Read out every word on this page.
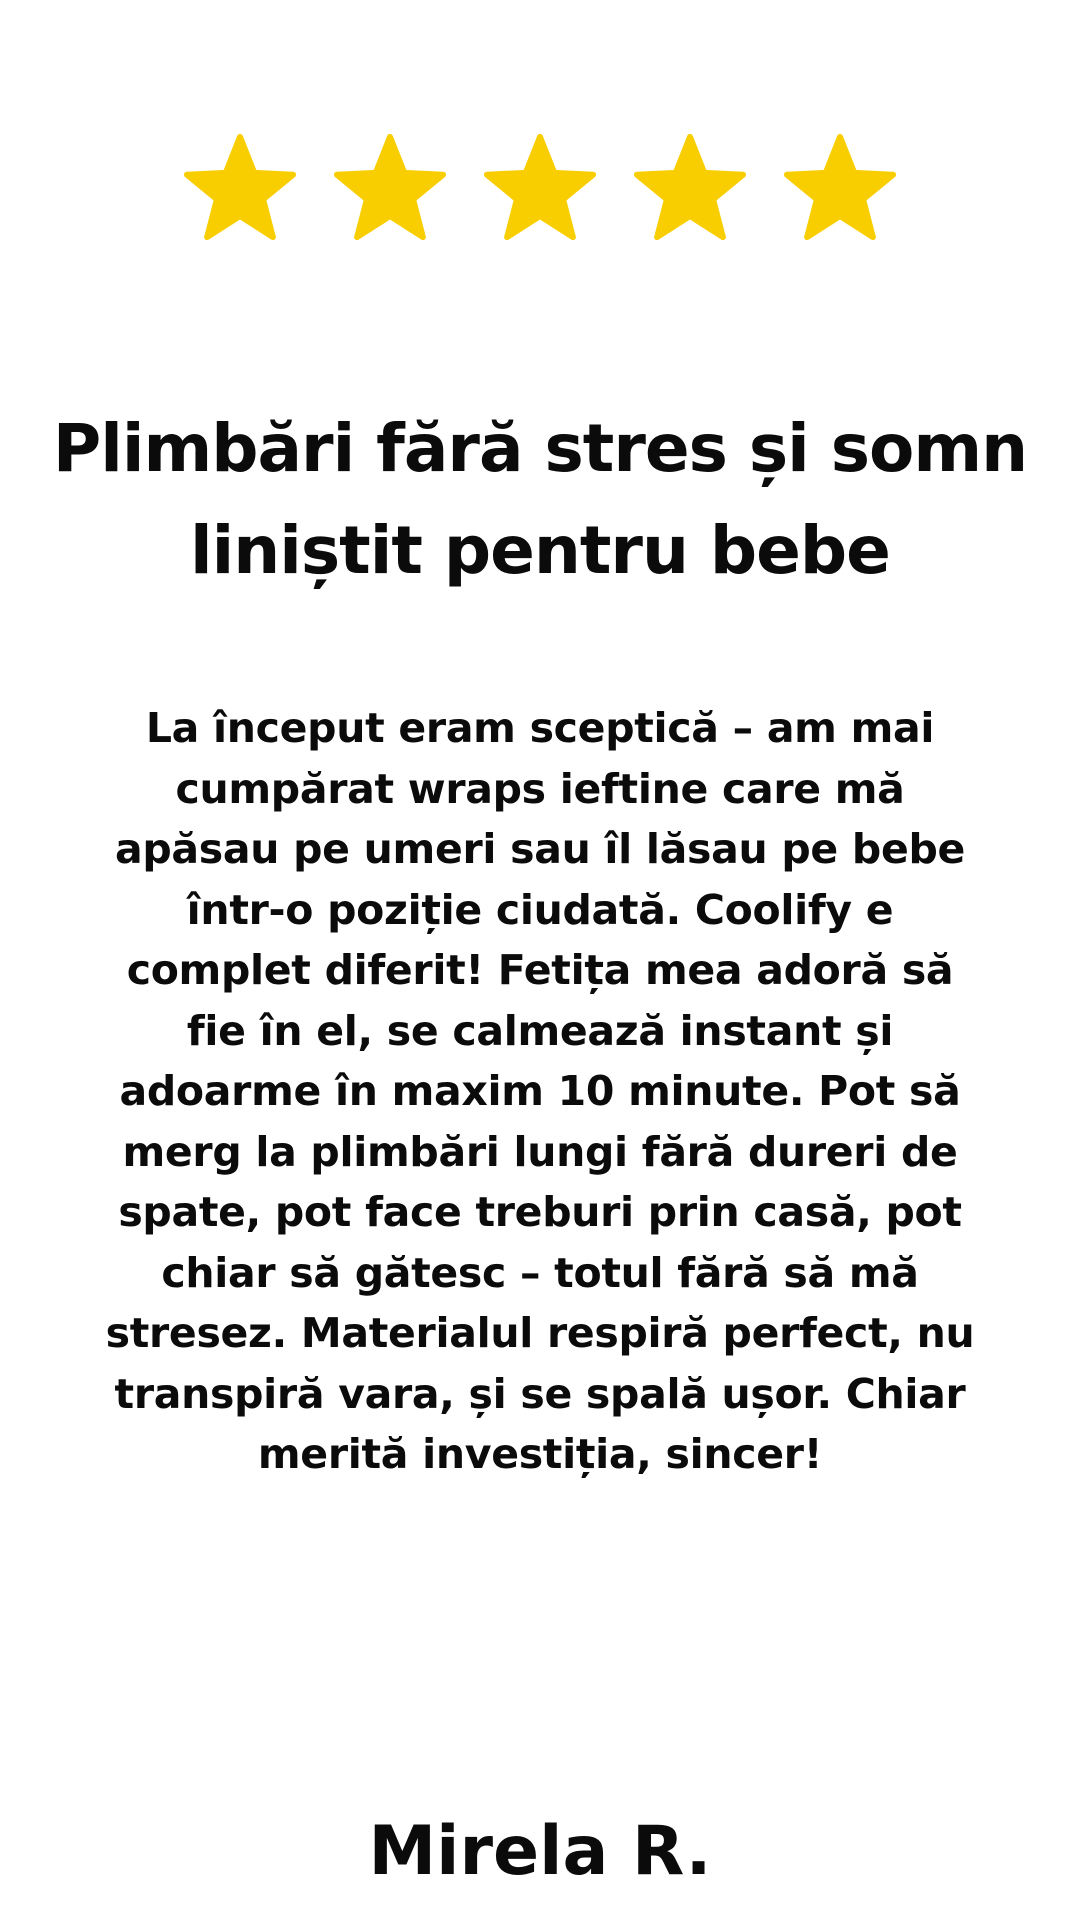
Plimbări fără stres și somn liniștit pentru bebe

La început eram sceptică – am mai cumpărat wraps ieftine care mă apăsau pe umeri sau îl lăsau pe bebe într-o poziție ciudată. Coolify e complet diferit! Fetița mea adoră să fie în el, se calmează instant și adoarme în maxim 10 minute. Pot să merg la plimbări lungi fără dureri de spate, pot face treburi prin casă, pot chiar să gătesc – totul fără să mă stresez. Materialul respiră perfect, nu transpiră vara, și se spală ușor. Chiar merită investiția, sincer!

Mirela R.
